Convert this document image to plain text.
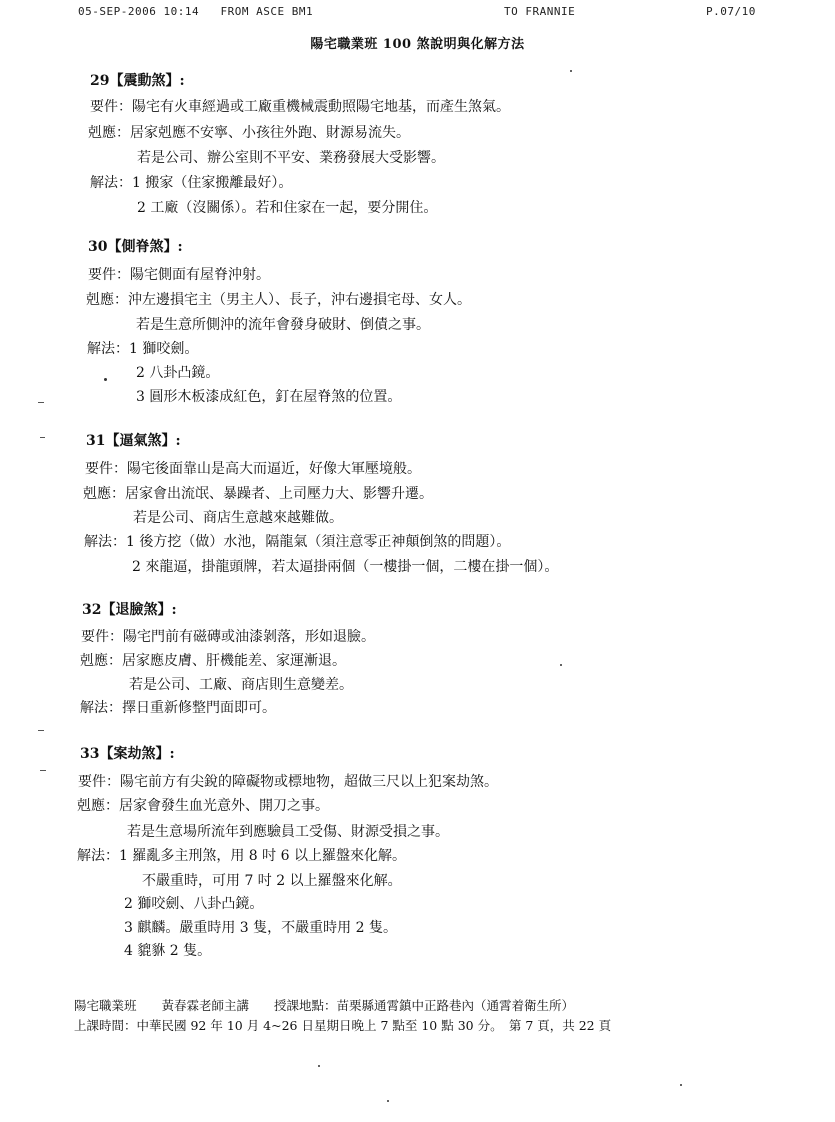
05-SEP-2006 10:14 FROM ASCE BM1	TO FRANNIE	P.07/10
陽宅職業班 100 煞說明與化解方法
29【震動煞】:
要件：陽宅有火車經過或工廠重機械震動照陽宅地基，而產生煞氣。
剋應：居家剋應不安寧、小孩往外跑、財源易流失。
若是公司、辦公室則不平安、業務發展大受影響。
解法：1 搬家（住家搬離最好）。
2 工廠（沒關係）。若和住家在一起，要分開住。
30【側脊煞】:
要件：陽宅側面有屋脊沖射。
剋應：沖左邊損宅主（男主人）、長子，沖右邊損宅母、女人。
若是生意所側沖的流年會發身破財、倒債之事。
解法：1 獅咬劍。
2 八卦凸鏡。
3 圓形木板漆成紅色，釘在屋脊煞的位置。
31【逼氣煞】:
要件：陽宅後面靠山是高大而逼近，好像大軍壓境般。
剋應：居家會出流氓、暴躁者、上司壓力大、影響升遷。
若是公司、商店生意越來越難做。
解法：1 後方挖（做）水池，隔龍氣（須注意零正神顛倒煞的問題）。
2 來龍逼，掛龍頭牌，若太逼掛兩個（一樓掛一個，二樓在掛一個）。
32【退臉煞】:
要件：陽宅門前有磁磚或油漆剝落，形如退臉。
剋應：居家應皮膚、肝機能差、家運漸退。
若是公司、工廠、商店則生意變差。
解法：擇日重新修整門面即可。
33【案劫煞】:
要件：陽宅前方有尖銳的障礙物或標地物，超做三尺以上犯案劫煞。
剋應：居家會發生血光意外、開刀之事。
若是生意場所流年到應驗員工受傷、財源受損之事。
解法：1 羅亂多主刑煞，用 8 吋 6 以上羅盤來化解。
不嚴重時，可用 7 吋 2 以上羅盤來化解。
2 獅咬劍、八卦凸鏡。
3 麒麟。嚴重時用 3 隻，不嚴重時用 2 隻。
4 貔貅 2 隻。
陽宅職業班　　黃春霖老師主講　　授課地點：苗栗縣通霄鎮中正路巷內（通霄着衛生所）
上課時間：中華民國 92 年 10 月 4~26 日星期日晚上 7 點至 10 點 30 分。　第 7 頁，共 22 頁
